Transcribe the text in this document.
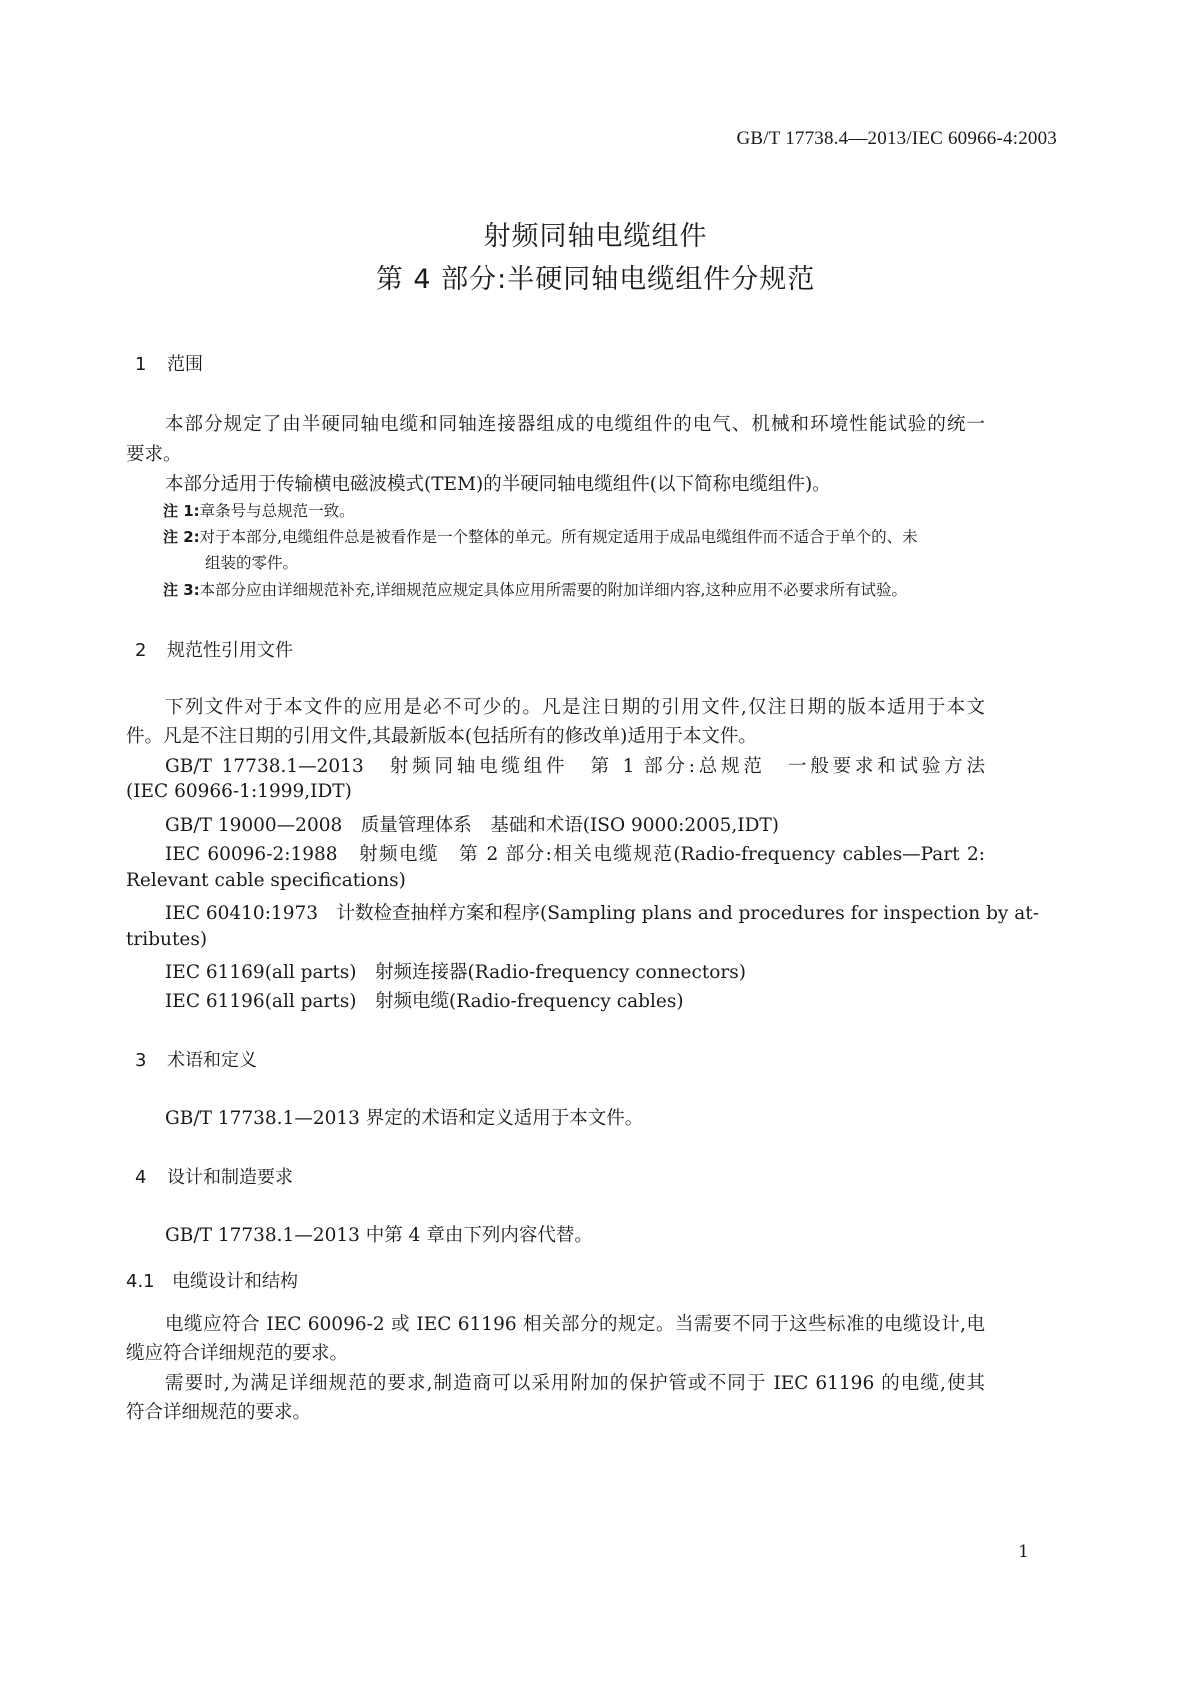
GB/T 17738.4—2013/IEC 60966-4:2003
射频同轴电缆组件
第 4 部分:半硬同轴电缆组件分规范
1 范围
本部分规定了由半硬同轴电缆和同轴连接器组成的电缆组件的电气、机械和环境性能试验的统一
要求。
本部分适用于传输横电磁波模式(TEM)的半硬同轴电缆组件(以下简称电缆组件)。
注 1:章条号与总规范一致。
注 2:对于本部分,电缆组件总是被看作是一个整体的单元。所有规定适用于成品电缆组件而不适合于单个的、未
组装的零件。
注 3:本部分应由详细规范补充,详细规范应规定具体应用所需要的附加详细内容,这种应用不必要求所有试验。
2 规范性引用文件
下列文件对于本文件的应用是必不可少的。凡是注日期的引用文件,仅注日期的版本适用于本文
件。凡是不注日期的引用文件,其最新版本(包括所有的修改单)适用于本文件。
GB/T 17738.1—2013　射频同轴电缆组件　第 1 部分:总规范　一般要求和试验方法
(IEC 60966-1:1999,IDT)
GB/T 19000—2008　质量管理体系　基础和术语(ISO 9000:2005,IDT)
IEC 60096-2:1988　射频电缆　第 2 部分:相关电缆规范(Radio-frequency cables—Part 2:
Relevant cable specifications)
IEC 60410:1973　计数检查抽样方案和程序(Sampling plans and procedures for inspection by at-
tributes)
IEC 61169(all parts)　射频连接器(Radio-frequency connectors)
IEC 61196(all parts)　射频电缆(Radio-frequency cables)
3 术语和定义
GB/T 17738.1—2013 界定的术语和定义适用于本文件。
4 设计和制造要求
GB/T 17738.1—2013 中第 4 章由下列内容代替。
4.1 电缆设计和结构
电缆应符合 IEC 60096-2 或 IEC 61196 相关部分的规定。当需要不同于这些标准的电缆设计,电
缆应符合详细规范的要求。
需要时,为满足详细规范的要求,制造商可以采用附加的保护管或不同于 IEC 61196 的电缆,使其
符合详细规范的要求。
1
